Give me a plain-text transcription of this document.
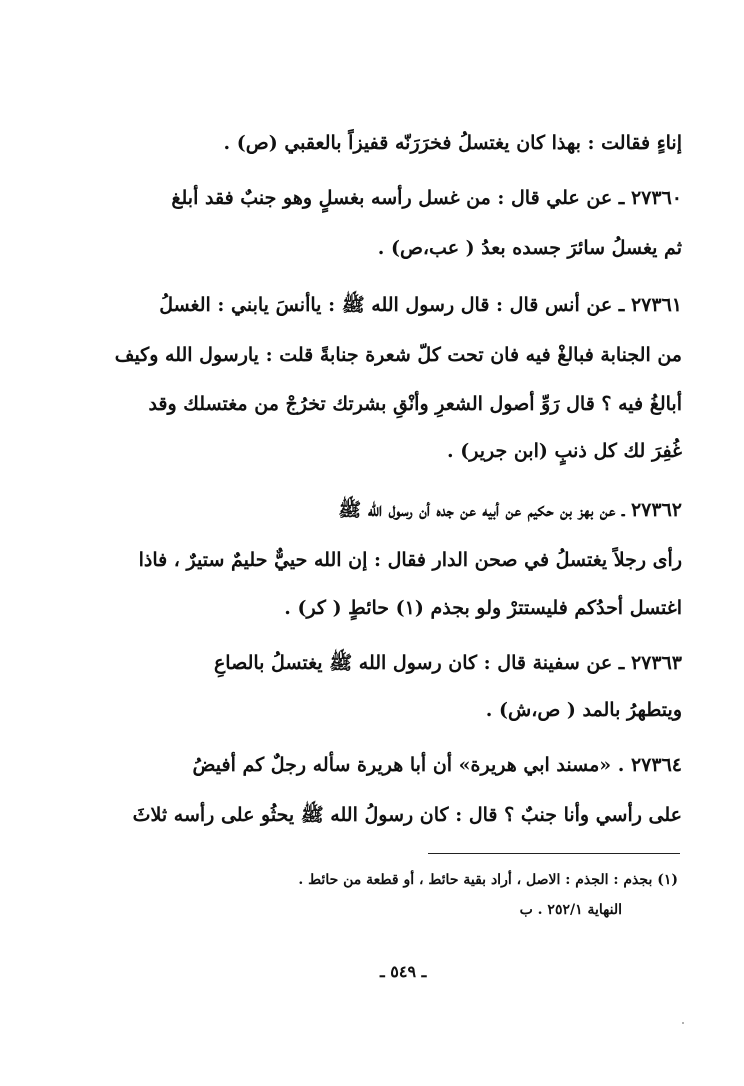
إناءٍ فقالت : بهذا كان يغتسلُ فخرَرَنّه قفيزاً بالعقبي (ص) .
٢٧٣٦٠ ـ عن علي قال : من غسل رأسه بغسلٍ وهو جنبٌ فقد أبلغ
ثم يغسلُ سائرَ جسده بعدُ ( عب،ص) .
٢٧٣٦١ ـ عن أنس قال : قال رسول الله ﷺ : ياأنسَ يابني : الغسلُ
من الجنابة فبالغْ فيه فان تحت كلّ شعرة جنابةً قلت : يارسول الله وكيف
أبالغُ فيه ؟ قال رَوِّ أصول الشعرِ وأنْقِ بشرتك تخرُجْ من مغتسلك وقد
غُفِرَ لك كل ذنبٍ (ابن جرير) .
٢٧٣٦٢ ـ عن بهز بن حكيم عن أبيه عن جده أن رسول الله ﷺ
رأى رجلاً يغتسلُ في صحن الدار فقال : إن الله حييٌّ حليمٌ ستيرٌ ، فاذا
اغتسل أحدُكم فليستترْ ولو بجذم (١) حائطٍ ( كر) .
٢٧٣٦٣ ـ عن سفينة قال : كان رسول الله ﷺ يغتسلُ بالصاعِ
ويتطهرُ بالمد ( ص،ش) .
٢٧٣٦٤ . «مسند ابي هريرة» أن أبا هريرة سأله رجلٌ كم أفيضُ
على رأسي وأنا جنبٌ ؟ قال : كان رسولُ الله ﷺ يحثُو على رأسه ثلاثَ
(١) بجذم : الجذم : الاصل ، أراد بقية حائط ، أو قطعة من حائط .
النهاية ٢٥٢/١ . ب
ـ ٥٤٩ ـ
